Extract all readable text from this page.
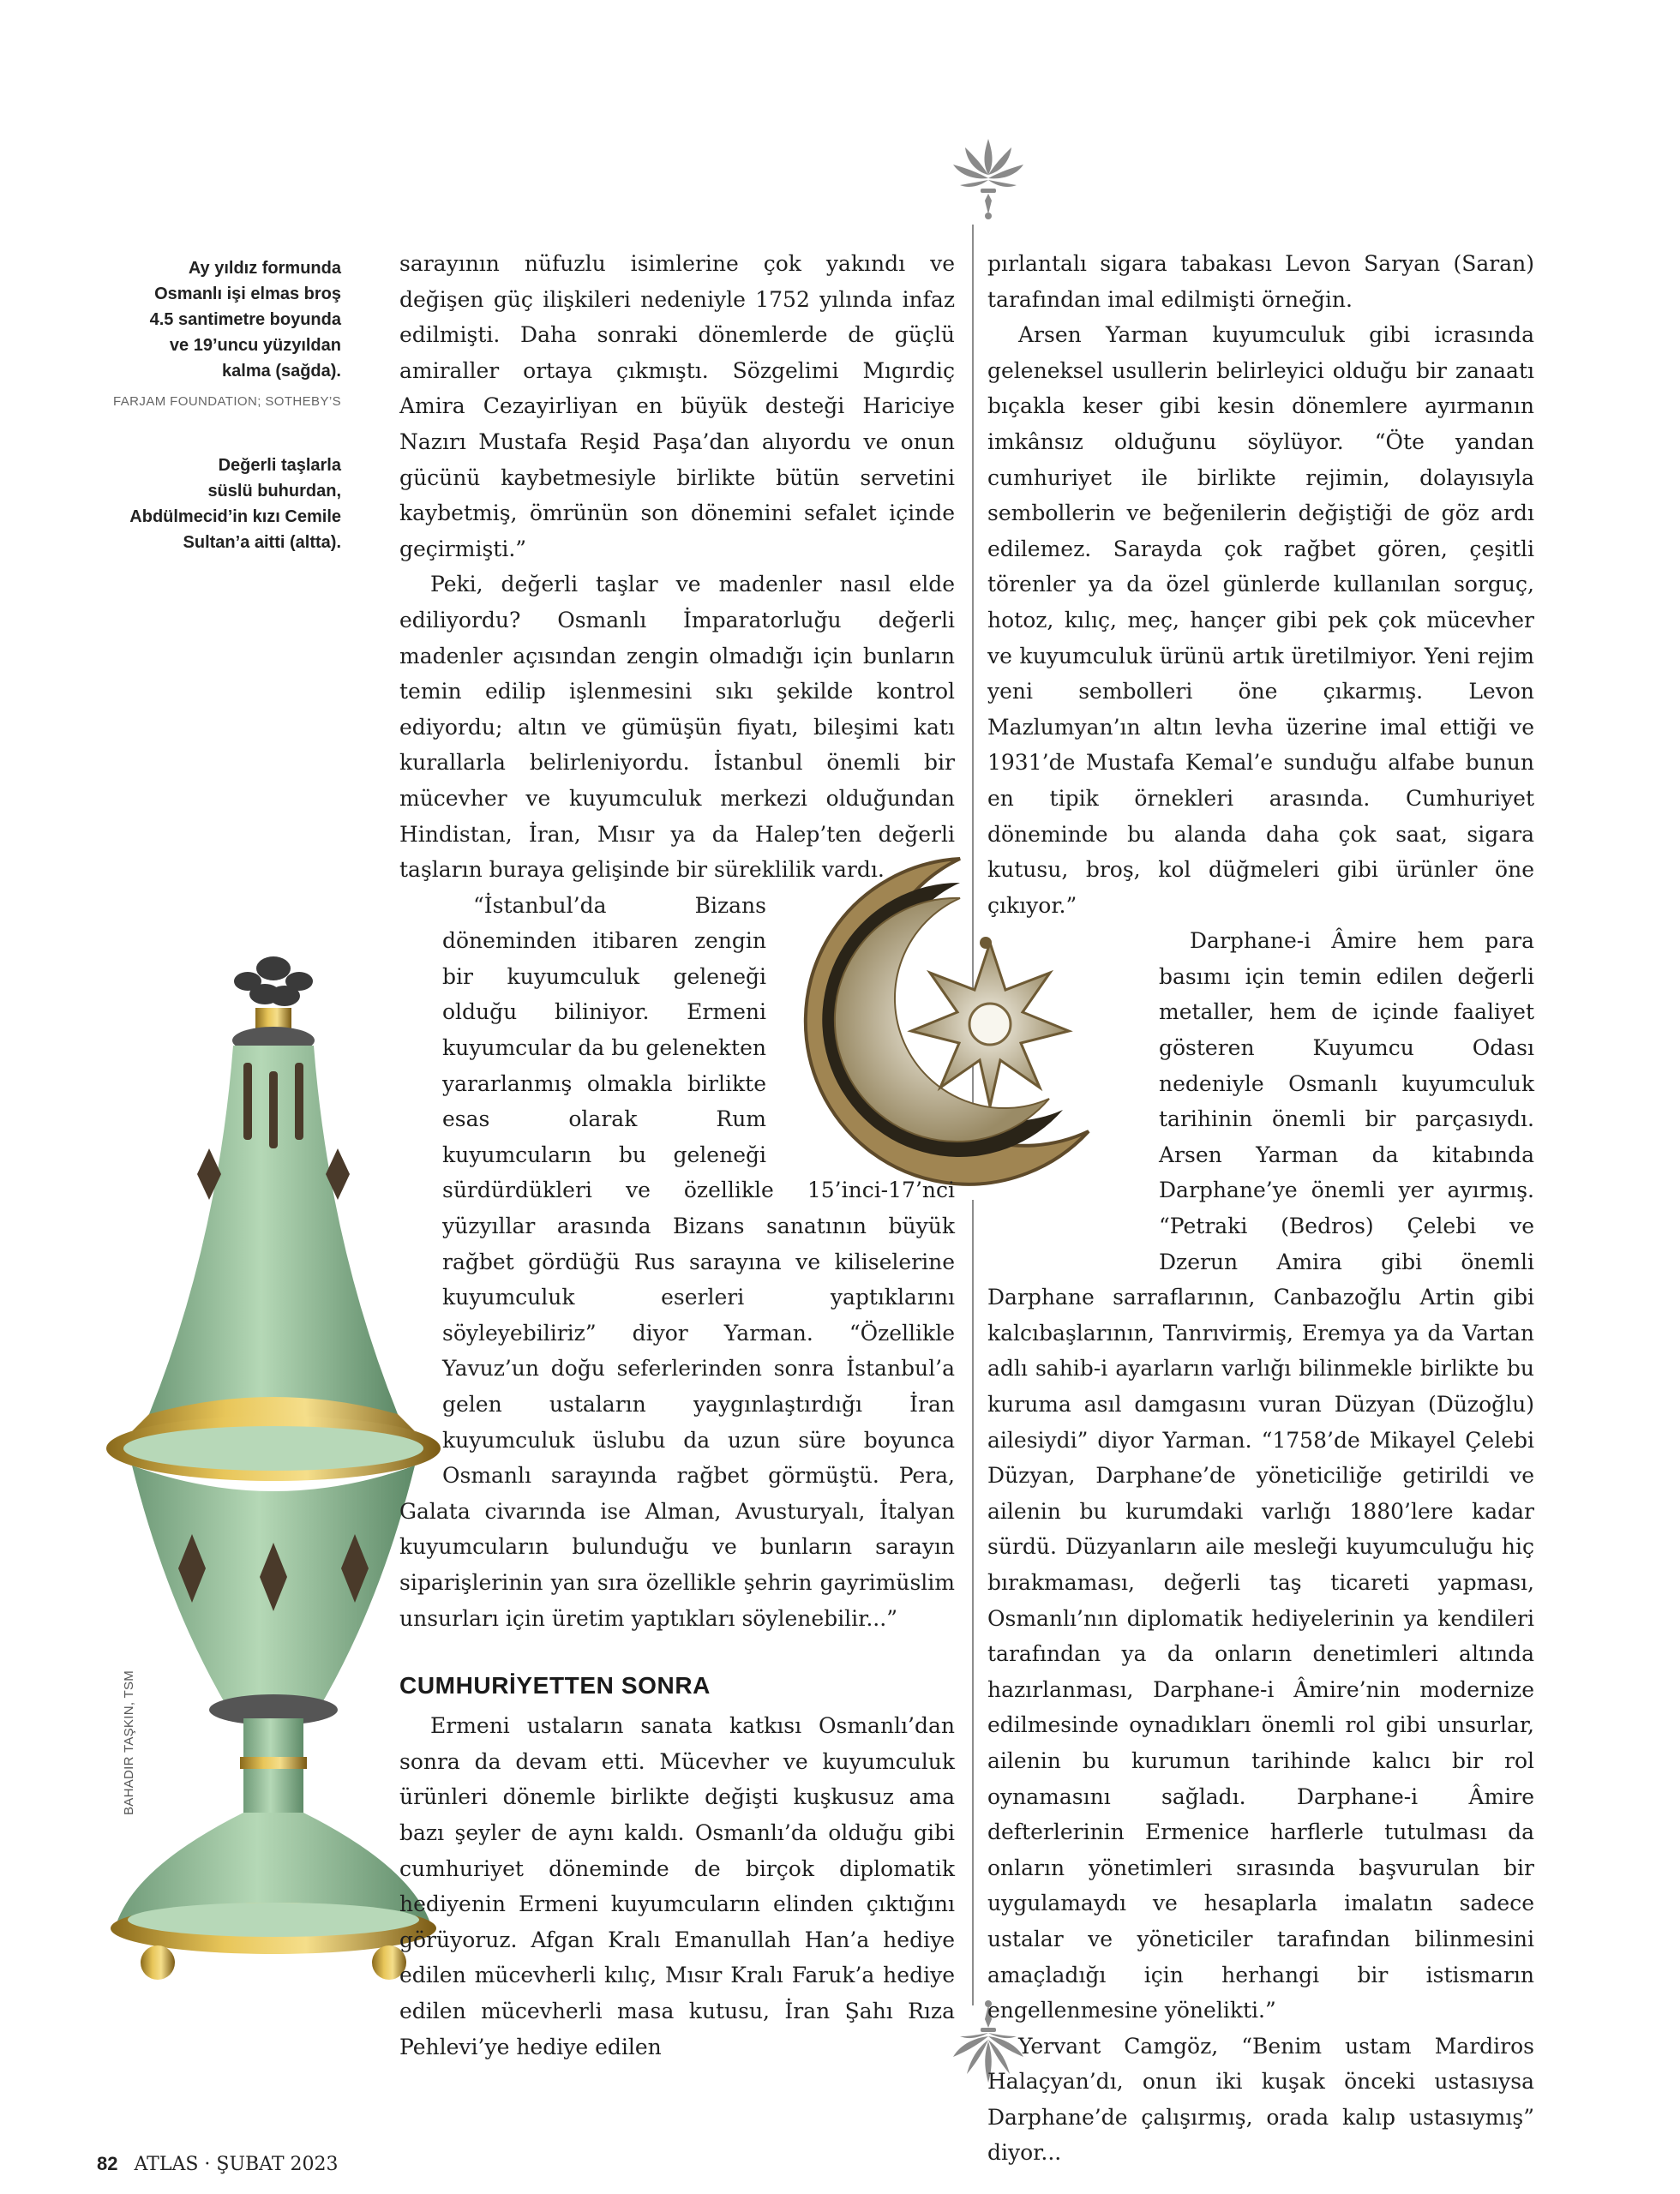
Ay yıldız formunda
Osmanlı işi elmas broş
4.5 santimetre boyunda
ve 19’uncu yüzyıldan
kalma (sağda).
FARJAM FOUNDATION; SOTHEBY’S
Değerli taşlarla
süslü buhurdan,
Abdülmecid’in kızı Cemile
Sultan’a aitti (altta).
BAHADIR TAŞKIN, TSM

sarayının nüfuzlu isimlerine çok yakındı ve değişen güç ilişkileri nedeniyle 1752 yılında infaz edilmişti. Daha sonraki dönemlerde de güçlü amiraller ortaya çıkmıştı. Sözgelimi Mıgırdiç Amira Cezayirliyan en büyük desteği Hariciye Nazırı Mustafa Reşid Paşa’dan alıyordu ve onun gücünü kaybetmesiyle birlikte bütün servetini kaybetmiş, ömrünün son dönemini sefalet içinde geçirmişti.”

Peki, değerli taşlar ve madenler nasıl elde ediliyordu? Osmanlı İmparatorluğu değerli madenler açısından zengin olmadığı için bunların temin edilip işlenmesini sıkı şekilde kontrol ediyordu; altın ve gümüşün fiyatı, bileşimi katı kurallarla belirleniyordu. İstanbul önemli bir mücevher ve kuyumculuk merkezi olduğundan Hindistan, İran, Mısır ya da Halep’ten değerli taşların buraya gelişinde bir süreklilik vardı.

“İstanbul’da Bizans döneminden itibaren zengin bir kuyumculuk geleneği olduğu biliniyor. Ermeni kuyumcular da bu gelenekten yararlanmış olmakla birlikte esas olarak Rum kuyumcuların bu geleneği sürdürdükleri ve özellikle 15’inci-17’nci yüzyıllar arasında Bizans sanatının büyük rağbet gördüğü Rus sarayına ve kiliselerine kuyumculuk eserleri yaptıklarını söyleyebiliriz” diyor Yarman. “Özellikle Yavuz’un doğu seferlerinden sonra İstanbul’a gelen ustaların yaygınlaştırdığı İran kuyumculuk üslubu da uzun süre boyunca Osmanlı sarayında rağbet görmüştü. Pera, Galata civarında ise Alman, Avusturyalı, İtalyan kuyumcuların bulunduğu ve bunların sarayın siparişlerinin yan sıra özellikle şehrin gayrimüslim unsurları için üretim yaptıkları söylenebilir...”

CUMHURİYETTEN SONRA

Ermeni ustaların sanata katkısı Osmanlı’dan sonra da devam etti. Mücevher ve kuyumculuk ürünleri dönemle birlikte değişti kuşkusuz ama bazı şeyler de aynı kaldı. Osmanlı’da olduğu gibi cumhuriyet döneminde de birçok diplomatik hediyenin Ermeni kuyumcuların elinden çıktığını görüyoruz. Afgan Kralı Emanullah Han’a hediye edilen mücevherli kılıç, Mısır Kralı Faruk’a hediye edilen mücevherli masa kutusu, İran Şahı Rıza Pehlevi’ye hediye edilen

pırlantalı sigara tabakası Levon Saryan (Saran) tarafından imal edilmişti örneğin.

Arsen Yarman kuyumculuk gibi icrasında geleneksel usullerin belirleyici olduğu bir zanaatı bıçakla keser gibi kesin dönemlere ayırmanın imkânsız olduğunu söylüyor. “Öte yandan cumhuriyet ile birlikte rejimin, dolayısıyla sembollerin ve beğenilerin değiştiği de göz ardı edilemez. Sarayda çok rağbet gören, çeşitli törenler ya da özel günlerde kullanılan sorguç, hotoz, kılıç, meç, hançer gibi pek çok mücevher ve kuyumculuk ürünü artık üretilmiyor. Yeni rejim yeni sembolleri öne çıkarmış. Levon Mazlumyan’ın altın levha üzerine imal ettiği ve 1931’de Mustafa Kemal’e sunduğu alfabe bunun en tipik örnekleri arasında. Cumhuriyet döneminde bu alanda daha çok saat, sigara kutusu, broş, kol düğmeleri gibi ürünler öne çıkıyor.”

Darphane-i Âmire hem para basımı için temin edilen değerli metaller, hem de içinde faaliyet gösteren Kuyumcu Odası nedeniyle Osmanlı kuyumculuk tarihinin önemli bir parçasıydı. Arsen Yarman da kitabında Darphane’ye önemli yer ayırmış. “Petraki (Bedros) Çelebi ve Dzerun Amira gibi önemli Darphane sarraflarının, Canbazoğlu Artin gibi kalcıbaşlarının, Tanrıvirmiş, Eremya ya da Vartan adlı sahib-i ayarların varlığı bilinmekle birlikte bu kuruma asıl damgasını vuran Düzyan (Düzoğlu) ailesiydi” diyor Yarman. “1758’de Mikayel Çelebi Düzyan, Darphane’de yöneticiliğe getirildi ve ailenin bu kurumdaki varlığı 1880’lere kadar sürdü. Düzyanların aile mesleği kuyumculuğu hiç bırakmaması, değerli taş ticareti yapması, Osmanlı’nın diplomatik hediyelerinin ya kendileri tarafından ya da onların denetimleri altında hazırlanması, Darphane-i Âmire’nin modernize edilmesinde oynadıkları önemli rol gibi unsurlar, ailenin bu kurumun tarihinde kalıcı bir rol oynamasını sağladı. Darphane-i Âmire defterlerinin Ermenice harflerle tutulması da onların yönetimleri sırasında başvurulan bir uygulamaydı ve hesaplarla imalatın sadece ustalar ve yöneticiler tarafından bilinmesini amaçladığı için herhangi bir istismarın engellenmesine yönelikti.”

Yervant Camgöz, “Benim ustam Mardiros Halaçyan’dı, onun iki kuşak önceki ustasıysa Darphane’de çalışırmış, orada kalıp ustasıymış” diyor...

82 ATLAS · ŞUBAT 2023
